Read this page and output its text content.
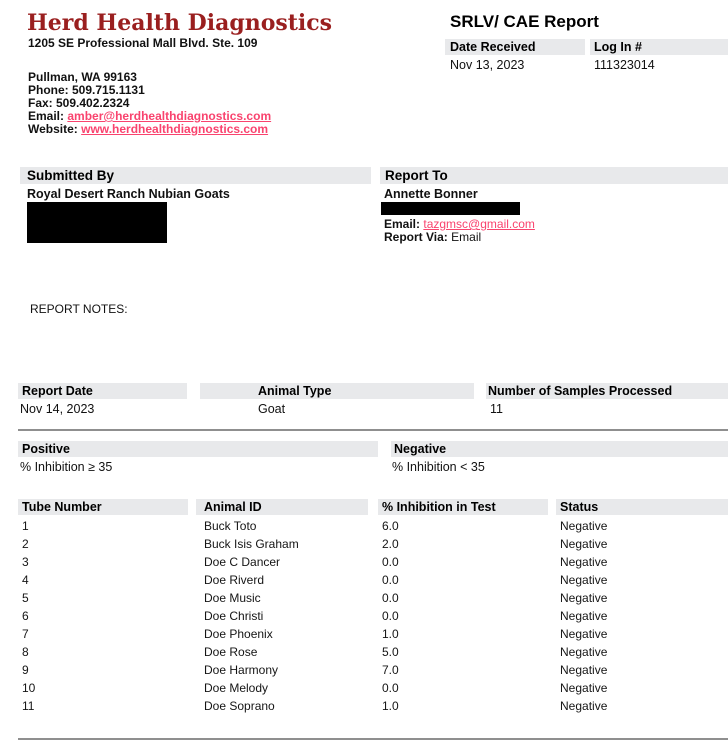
Herd Health Diagnostics
1205 SE Professional Mall Blvd. Ste. 109
Pullman, WA 99163
Phone: 509.715.1131
Fax: 509.402.2324
Email: amber@herdhealthdiagnostics.com
Website: www.herdhealthdiagnostics.com
SRLV/ CAE Report
Date Received	Log In #
Nov 13, 2023	111323014
Submitted By	Report To
Royal Desert Ranch Nubian Goats	Annette Bonner
Email: tazgmsc@gmail.com
Report Via: Email
REPORT NOTES:
Report Date	Animal Type	Number of Samples Processed
Nov 14, 2023	Goat	11
Positive	Negative
% Inhibition ≥ 35	% Inhibition < 35
Tube Number	Animal ID	% Inhibition in Test	Status
1	Buck Toto	6.0	Negative
2	Buck Isis Graham	2.0	Negative
3	Doe C Dancer	0.0	Negative
4	Doe Riverd	0.0	Negative
5	Doe Music	0.0	Negative
6	Doe Christi	0.0	Negative
7	Doe Phoenix	1.0	Negative
8	Doe Rose	5.0	Negative
9	Doe Harmony	7.0	Negative
10	Doe Melody	0.0	Negative
11	Doe Soprano	1.0	Negative
